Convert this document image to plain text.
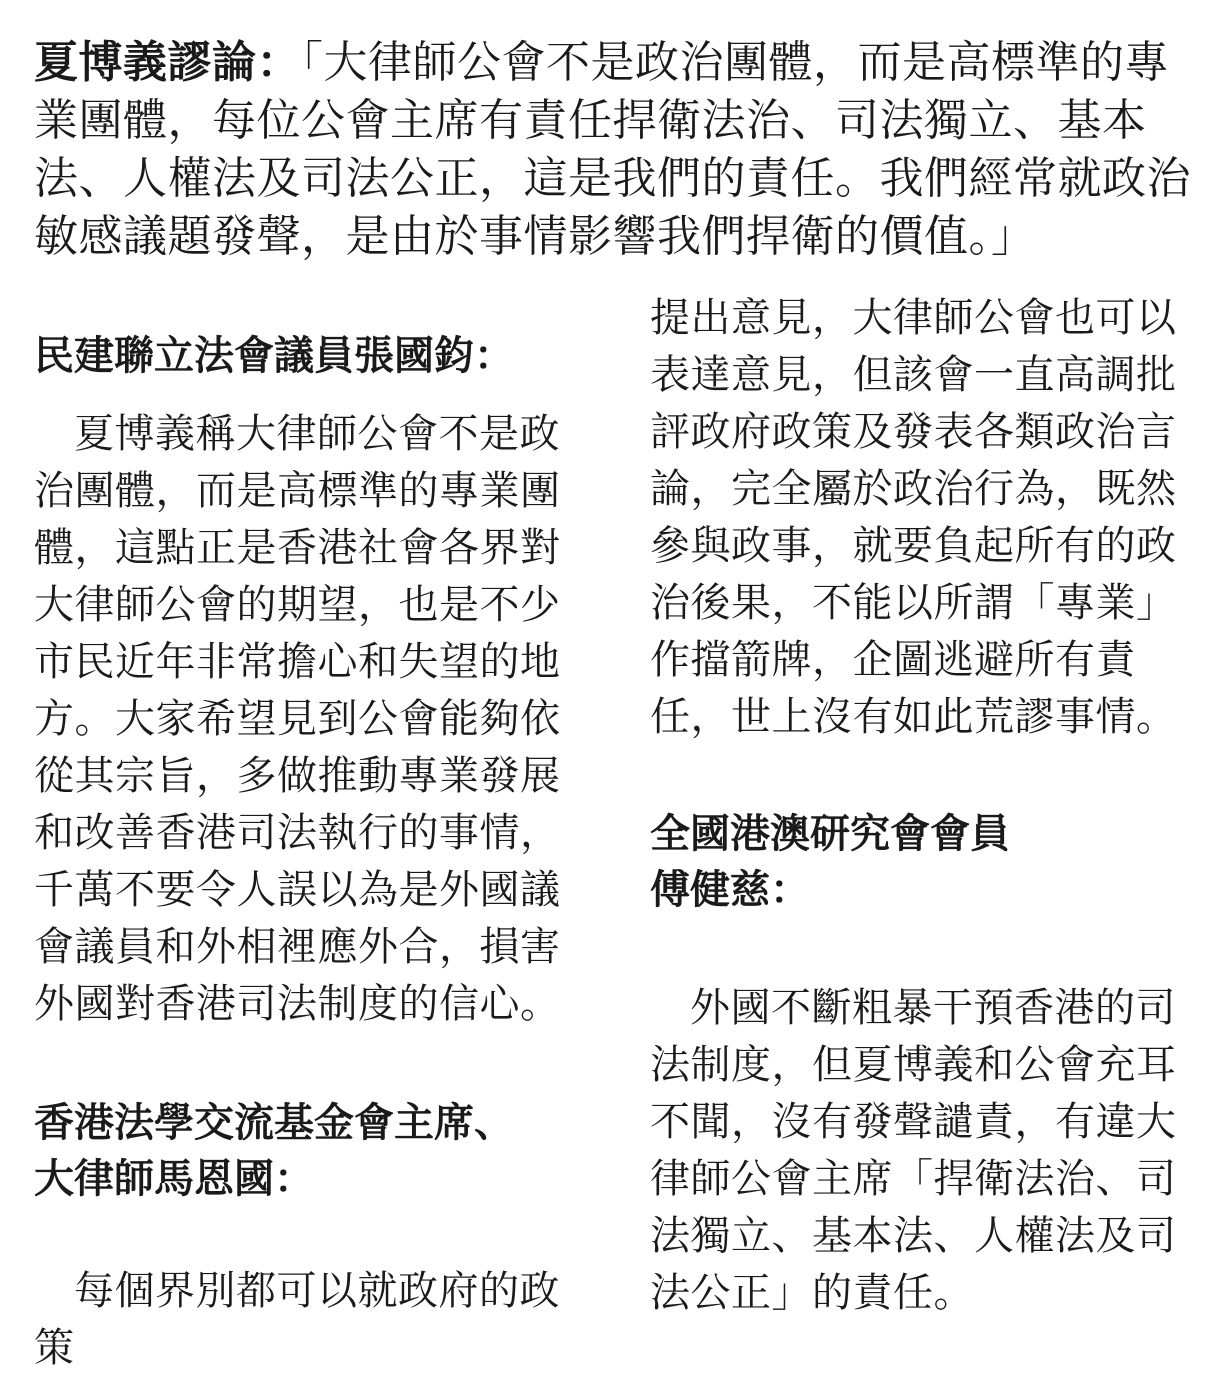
夏博義謬論：「大律師公會不是政治團體，而是高標準的專業團體，每位公會主席有責任捍衛法治、司法獨立、基本法、人權法及司法公正，這是我們的責任。我們經常就政治敏感議題發聲，是由於事情影響我們捍衛的價值。」
民建聯立法會議員張國鈞：

夏博義稱大律師公會不是政治團體，而是高標準的專業團體，這點正是香港社會各界對大律師公會的期望，也是不少市民近年非常擔心和失望的地方。大家希望見到公會能夠依從其宗旨，多做推動專業發展和改善香港司法執行的事情，千萬不要令人誤以為是外國議會議員和外相裡應外合，損害外國對香港司法制度的信心。

香港法學交流基金會主席、
大律師馬恩國：

每個界別都可以就政府的政策

提出意見，大律師公會也可以表達意見，但該會一直高調批評政府政策及發表各類政治言論，完全屬於政治行為，既然參與政事，就要負起所有的政治後果，不能以所謂「專業」作擋箭牌，企圖逃避所有責任，世上沒有如此荒謬事情。

全國港澳研究會會員
傅健慈：

外國不斷粗暴干預香港的司法制度，但夏博義和公會充耳不聞，沒有發聲譴責，有違大律師公會主席「捍衛法治、司法獨立、基本法、人權法及司法公正」的責任。
